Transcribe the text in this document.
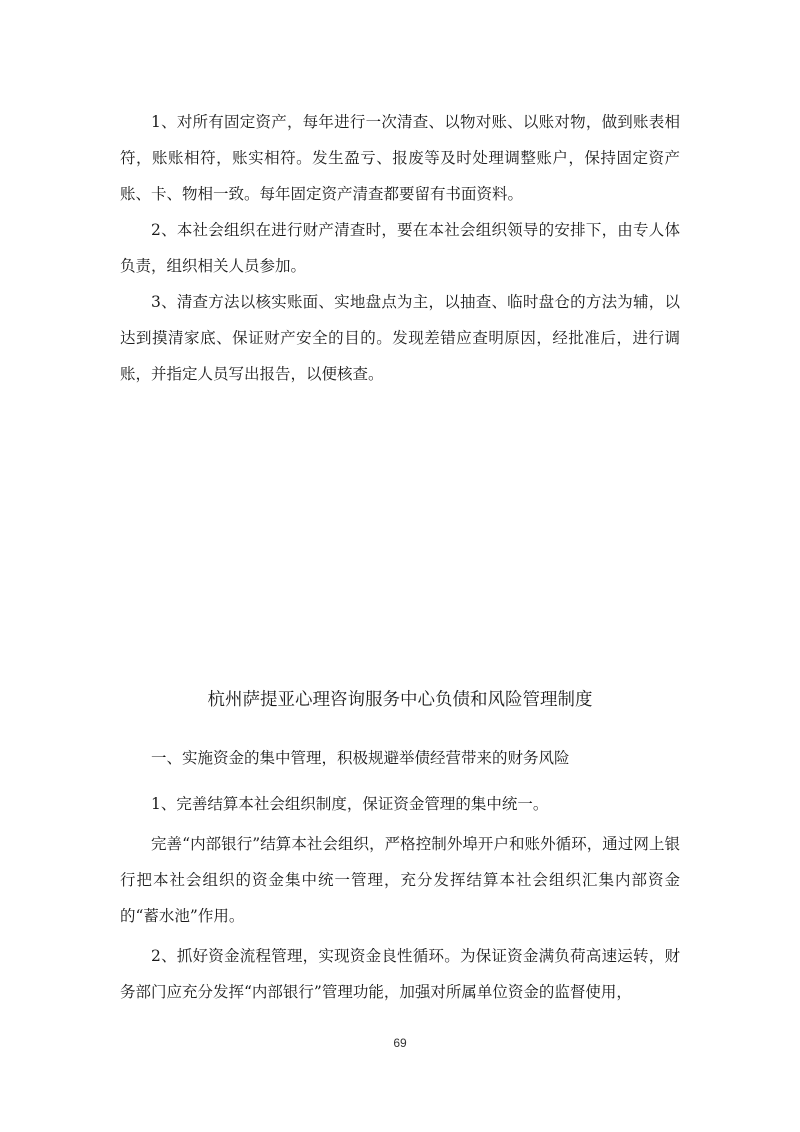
1、对所有固定资产，每年进行一次清查、以物对账、以账对物，做到账表相符，账账相符，账实相符。发生盈亏、报废等及时处理调整账户，保持固定资产账、卡、物相一致。每年固定资产清查都要留有书面资料。

2、本社会组织在进行财产清查时，要在本社会组织领导的安排下，由专人体负责，组织相关人员参加。

3、清查方法以核实账面、实地盘点为主，以抽查、临时盘仓的方法为辅，以达到摸清家底、保证财产安全的目的。发现差错应查明原因，经批准后，进行调账，并指定人员写出报告，以便核查。

杭州萨提亚心理咨询服务中心负债和风险管理制度
一、实施资金的集中管理，积极规避举债经营带来的财务风险

1、完善结算本社会组织制度，保证资金管理的集中统一。

完善“内部银行”结算本社会组织，严格控制外埠开户和账外循环，通过网上银行把本社会组织的资金集中统一管理，充分发挥结算本社会组织汇集内部资金的“蓄水池”作用。

2、抓好资金流程管理，实现资金良性循环。为保证资金满负荷高速运转，财务部门应充分发挥“内部银行”管理功能，加强对所属单位资金的监督使用，

69
